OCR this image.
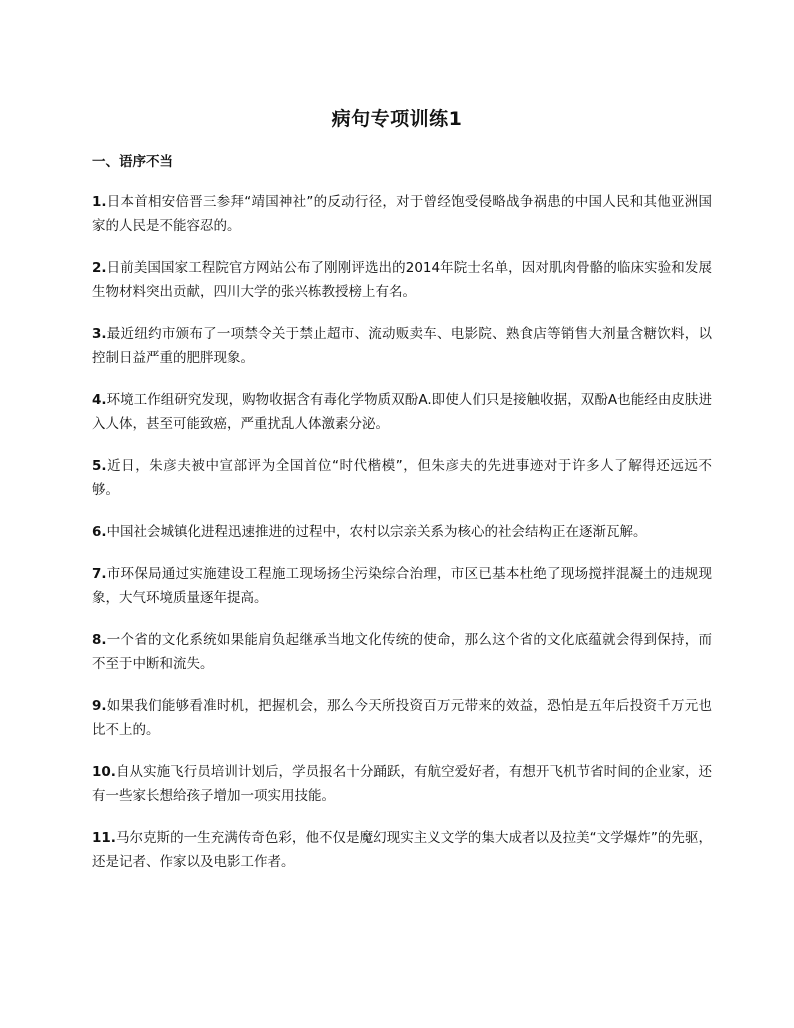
病句专项训练1
一、语序不当
1.日本首相安倍晋三参拜“靖国神社”的反动行径，对于曾经饱受侵略战争祸患的中国人民和其他亚洲国家的人民是不能容忍的。
2.日前美国国家工程院官方网站公布了刚刚评选出的2014年院士名单，因对肌肉骨骼的临床实验和发展生物材料突出贡献，四川大学的张兴栋教授榜上有名。
3.最近纽约市颁布了一项禁令关于禁止超市、流动贩卖车、电影院、熟食店等销售大剂量含糖饮料，以控制日益严重的肥胖现象。
4.环境工作组研究发现，购物收据含有毒化学物质双酚A.即使人们只是接触收据，双酚A也能经由皮肤进入人体，甚至可能致癌，严重扰乱人体激素分泌。
5.近日，朱彦夫被中宣部评为全国首位“时代楷模”，但朱彦夫的先进事迹对于许多人了解得还远远不够。
6.中国社会城镇化进程迅速推进的过程中，农村以宗亲关系为核心的社会结构正在逐渐瓦解。
7.市环保局通过实施建设工程施工现场扬尘污染综合治理，市区已基本杜绝了现场搅拌混凝土的违规现象，大气环境质量逐年提高。
8.一个省的文化系统如果能肩负起继承当地文化传统的使命，那么这个省的文化底蕴就会得到保持，而不至于中断和流失。
9.如果我们能够看准时机，把握机会，那么今天所投资百万元带来的效益，恐怕是五年后投资千万元也比不上的。
10.自从实施飞行员培训计划后，学员报名十分踊跃，有航空爱好者，有想开飞机节省时间的企业家，还有一些家长想给孩子增加一项实用技能。
11.马尔克斯的一生充满传奇色彩，他不仅是魔幻现实主义文学的集大成者以及拉美“文学爆炸”的先驱，还是记者、作家以及电影工作者。
